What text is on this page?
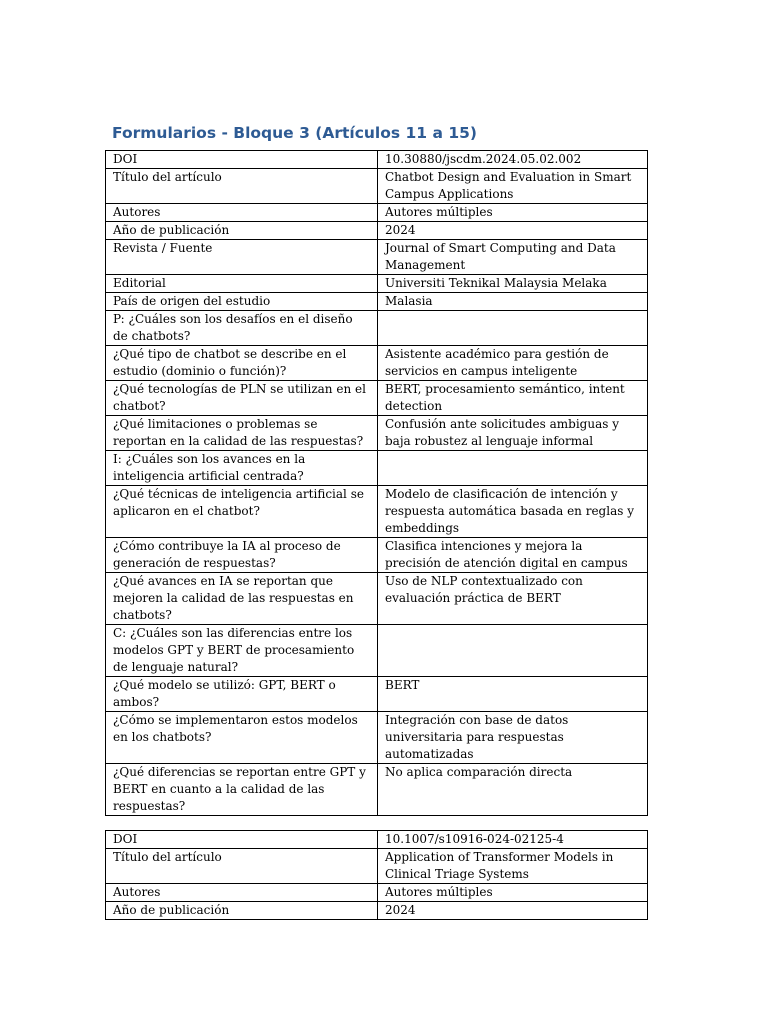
Formularios - Bloque 3 (Artículos 11 a 15)
DOI	10.30880/jscdm.2024.05.02.002
Título del artículo	Chatbot Design and Evaluation in Smart Campus Applications
Autores	Autores múltiples
Año de publicación	2024
Revista / Fuente	Journal of Smart Computing and Data Management
Editorial	Universiti Teknikal Malaysia Melaka
País de origen del estudio	Malasia
P: ¿Cuáles son los desafíos en el diseño de chatbots?	
¿Qué tipo de chatbot se describe en el estudio (dominio o función)?	Asistente académico para gestión de servicios en campus inteligente
¿Qué tecnologías de PLN se utilizan en el chatbot?	BERT, procesamiento semántico, intent detection
¿Qué limitaciones o problemas se reportan en la calidad de las respuestas?	Confusión ante solicitudes ambiguas y baja robustez al lenguaje informal
I: ¿Cuáles son los avances en la inteligencia artificial centrada?	
¿Qué técnicas de inteligencia artificial se aplicaron en el chatbot?	Modelo de clasificación de intención y respuesta automática basada en reglas y embeddings
¿Cómo contribuye la IA al proceso de generación de respuestas?	Clasifica intenciones y mejora la precisión de atención digital en campus
¿Qué avances en IA se reportan que mejoren la calidad de las respuestas en chatbots?	Uso de NLP contextualizado con evaluación práctica de BERT
C: ¿Cuáles son las diferencias entre los modelos GPT y BERT de procesamiento de lenguaje natural?	
¿Qué modelo se utilizó: GPT, BERT o ambos?	BERT
¿Cómo se implementaron estos modelos en los chatbots?	Integración con base de datos universitaria para respuestas automatizadas
¿Qué diferencias se reportan entre GPT y BERT en cuanto a la calidad de las respuestas?	No aplica comparación directa
DOI	10.1007/s10916-024-02125-4
Título del artículo	Application of Transformer Models in Clinical Triage Systems
Autores	Autores múltiples
Año de publicación	2024
